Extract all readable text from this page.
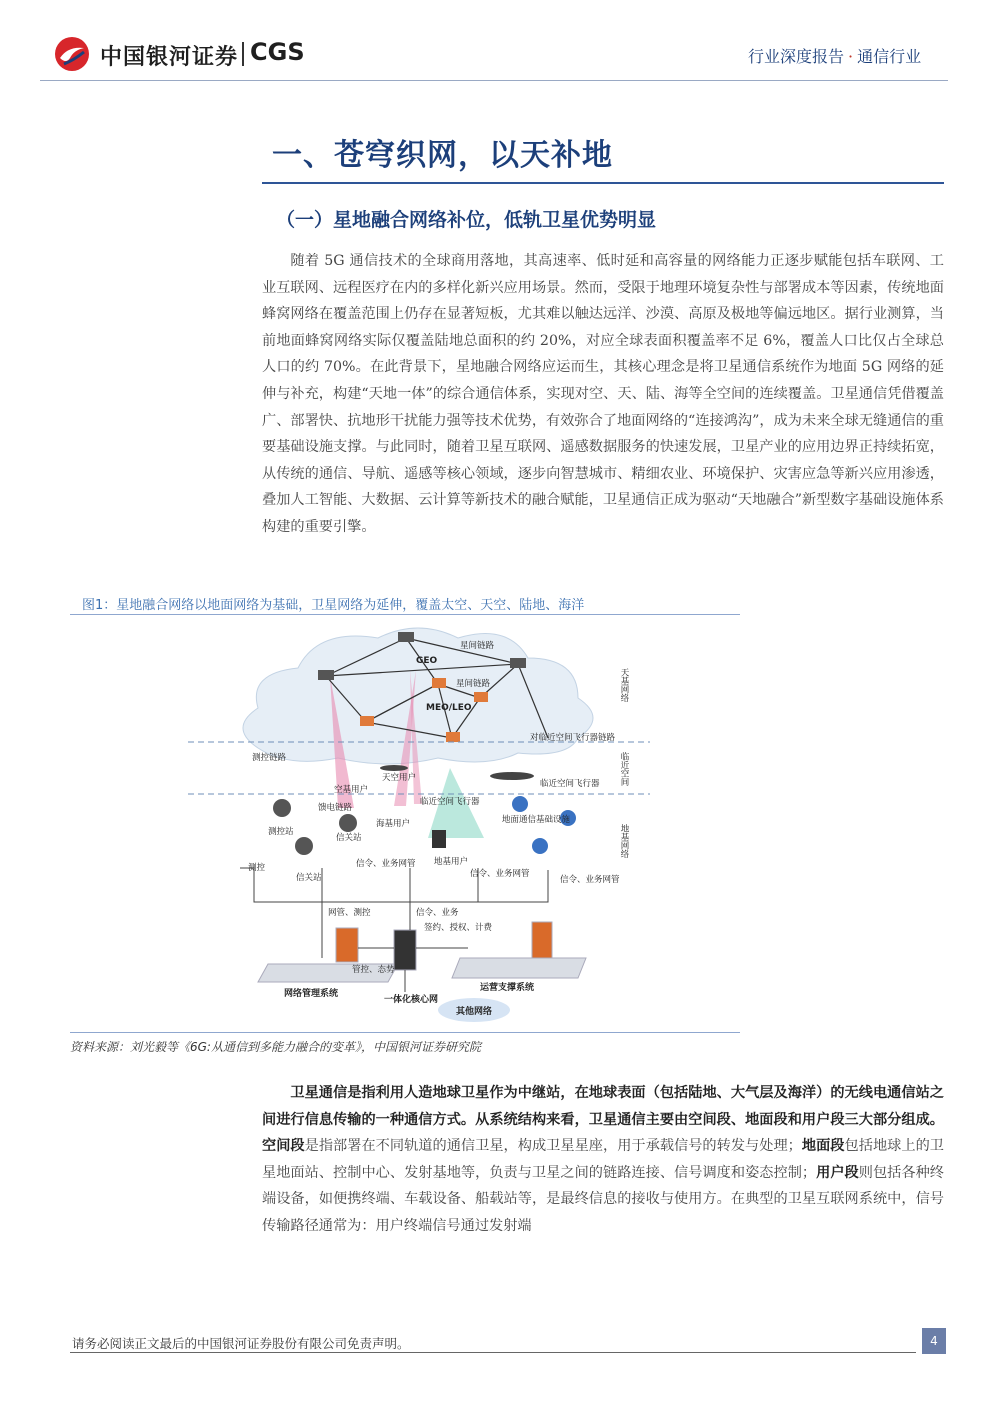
中国银河证券 CGS	行业深度报告 · 通信行业
一、苍穹织网，以天补地
（一）星地融合网络补位，低轨卫星优势明显
随着 5G 通信技术的全球商用落地，其高速率、低时延和高容量的网络能力正逐步赋能包括车联网、工业互联网、远程医疗在内的多样化新兴应用场景。然而，受限于地理环境复杂性与部署成本等因素，传统地面蜂窝网络在覆盖范围上仍存在显著短板，尤其难以触达远洋、沙漠、高原及极地等偏远地区。据行业测算，当前地面蜂窝网络实际仅覆盖陆地总面积的约 20%，对应全球表面积覆盖率不足 6%，覆盖人口比仅占全球总人口的约 70%。在此背景下，星地融合网络应运而生，其核心理念是将卫星通信系统作为地面 5G 网络的延伸与补充，构建“天地一体”的综合通信体系，实现对空、天、陆、海等全空间的连续覆盖。卫星通信凭借覆盖广、部署快、抗地形干扰能力强等技术优势，有效弥合了地面网络的“连接鸿沟”，成为未来全球无缝通信的重要基础设施支撑。与此同时，随着卫星互联网、遥感数据服务的快速发展，卫星产业的应用边界正持续拓宽，从传统的通信、导航、遥感等核心领域，逐步向智慧城市、精细农业、环境保护、灾害应急等新兴应用渗透，叠加人工智能、大数据、云计算等新技术的融合赋能，卫星通信正成为驱动“天地融合”新型数字基础设施体系构建的重要引擎。
图1：星地融合网络以地面网络为基础，卫星网络为延伸，覆盖太空、天空、陆地、海洋
GEO
MEO/LEO
星间链路
星间链路	天基网络
临近空间
地基网络
对临近空间飞行器链路
测控链路
天空用户
空基用户
临近空间飞行器
临近空间飞行器
馈电链路
海基用户	地面通信基础设施
测控站
信关站
信关站
地基用户
测控	信令、业务网管
信令、业务网管
信令、业务网管
网管、测控	信令、业务
签约、授权、计费
管控、态势
网络管理系统
一体化核心网
运营支撑系统
其他网络
资料来源：刘光毅等《6G:从通信到多能力融合的变革》，中国银河证券研究院
卫星通信是指利用人造地球卫星作为中继站，在地球表面（包括陆地、大气层及海洋）的无线电通信站之间进行信息传输的一种通信方式。从系统结构来看，卫星通信主要由空间段、地面段和用户段三大部分组成。空间段是指部署在不同轨道的通信卫星，构成卫星星座，用于承载信号的转发与处理；地面段包括地球上的卫星地面站、控制中心、发射基地等，负责与卫星之间的链路连接、信号调度和姿态控制；用户段则包括各种终端设备，如便携终端、车载设备、船载站等，是最终信息的接收与使用方。在典型的卫星互联网系统中，信号传输路径通常为：用户终端信号通过发射端
请务必阅读正文最后的中国银河证券股份有限公司免责声明。	4
